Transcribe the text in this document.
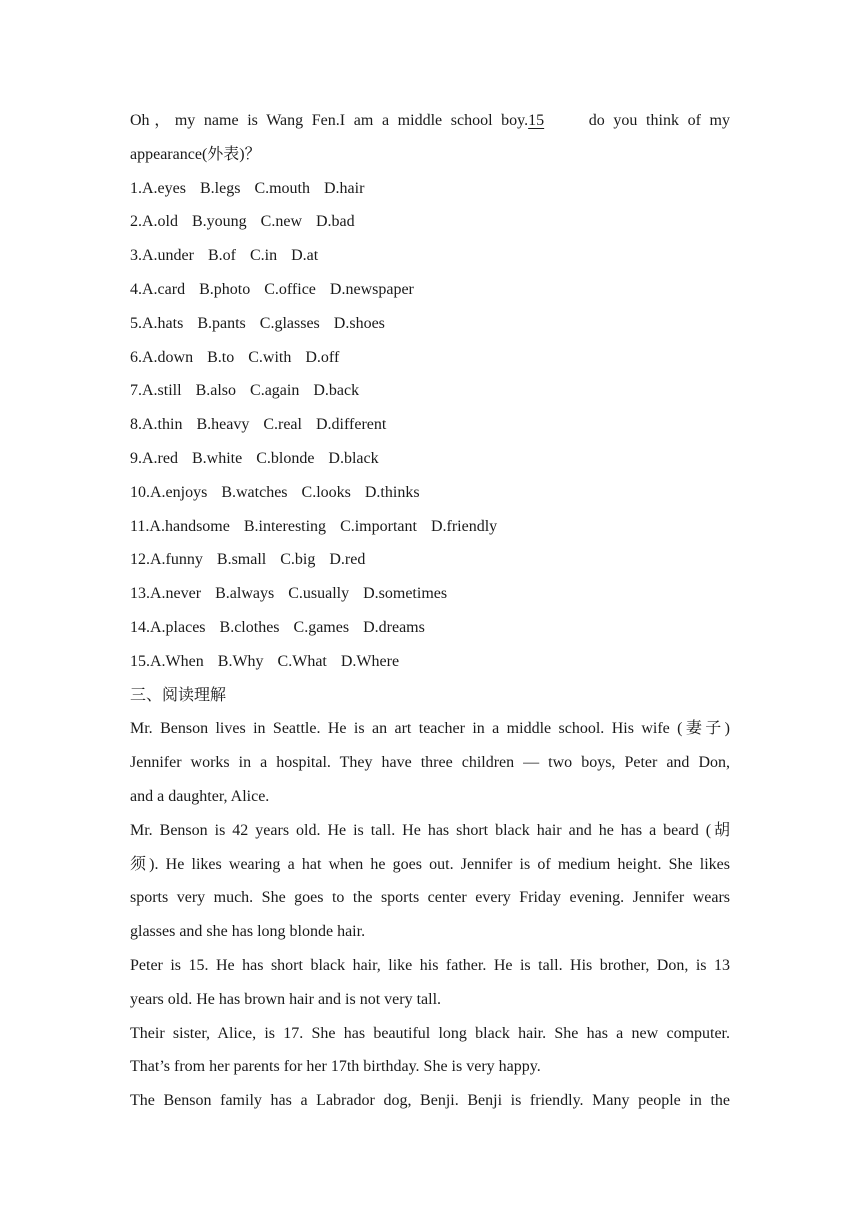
Oh，my name is Wang Fen.I am a middle school boy.15	do you think of my
appearance(外表)？
1.A.eyes B.legs C.mouth D.hair
2.A.old B.young C.new D.bad
3.A.under B.of C.in D.at
4.A.card B.photo C.office D.newspaper
5.A.hats B.pants C.glasses D.shoes
6.A.down B.to C.with D.off
7.A.still B.also C.again D.back
8.A.thin B.heavy C.real D.different
9.A.red B.white C.blonde D.black
10.A.enjoys B.watches C.looks D.thinks
11.A.handsome B.interesting C.important D.friendly
12.A.funny B.small C.big D.red
13.A.never B.always C.usually D.sometimes
14.A.places B.clothes C.games D.dreams
15.A.When B.Why C.What D.Where
三、阅读理解
Mr. Benson lives in Seattle. He is an art teacher in a middle school. His wife (妻子)
Jennifer works in a hospital. They have three children — two boys, Peter and Don,
and a daughter, Alice.
Mr. Benson is 42 years old. He is tall. He has short black hair and he has a beard (胡
须). He likes wearing a hat when he goes out. Jennifer is of medium height. She likes
sports very much. She goes to the sports center every Friday evening. Jennifer wears
glasses and she has long blonde hair.
Peter is 15. He has short black hair, like his father. He is tall. His brother, Don, is 13
years old. He has brown hair and is not very tall.
Their sister, Alice, is 17. She has beautiful long black hair. She has a new computer.
That’s from her parents for her 17th birthday. She is very happy.
The Benson family has a Labrador dog, Benji. Benji is friendly. Many people in the
